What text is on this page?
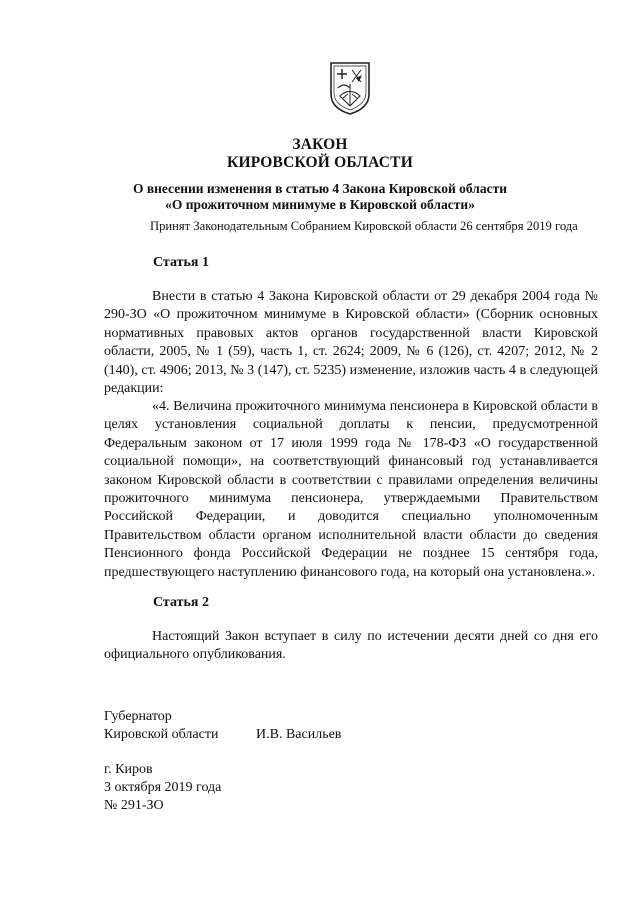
ЗАКОН
КИРОВСКОЙ ОБЛАСТИ
О внесении изменения в статью 4 Закона Кировской области
«О прожиточном минимуме в Кировской области»
Принят Законодательным Собранием Кировской области 26 сентября 2019 года
Статья 1

Внести в статью 4 Закона Кировской области от 29 декабря 2004 года № 290-ЗО «О прожиточном минимуме в Кировской области» (Сборник основных нормативных правовых актов органов государственной власти Кировской области, 2005, № 1 (59), часть 1, ст. 2624; 2009, № 6 (126), ст. 4207; 2012, № 2 (140), ст. 4906; 2013, № 3 (147), ст. 5235) изменение, изложив часть 4 в следующей редакции:

«4. Величина прожиточного минимума пенсионера в Кировской области в целях установления социальной доплаты к пенсии, предусмотренной Федеральным законом от 17 июля 1999 года № 178-ФЗ «О государственной социальной помощи», на соответствующий финансовый год устанавливается законом Кировской области в соответствии с правилами определения величины прожиточного минимума пенсионера, утверждаемыми Правительством Российской Федерации, и доводится специально уполномоченным Правительством области органом исполнительной власти области до сведения Пенсионного фонда Российской Федерации не позднее 15 сентября года, предшествующего наступлению финансового года, на который она установлена.».

Статья 2

Настоящий Закон вступает в силу по истечении десяти дней со дня его официального опубликования.

Губернатор
Кировской области	И.В. Васильев
г. Киров
3 октября 2019 года
№ 291-ЗО
